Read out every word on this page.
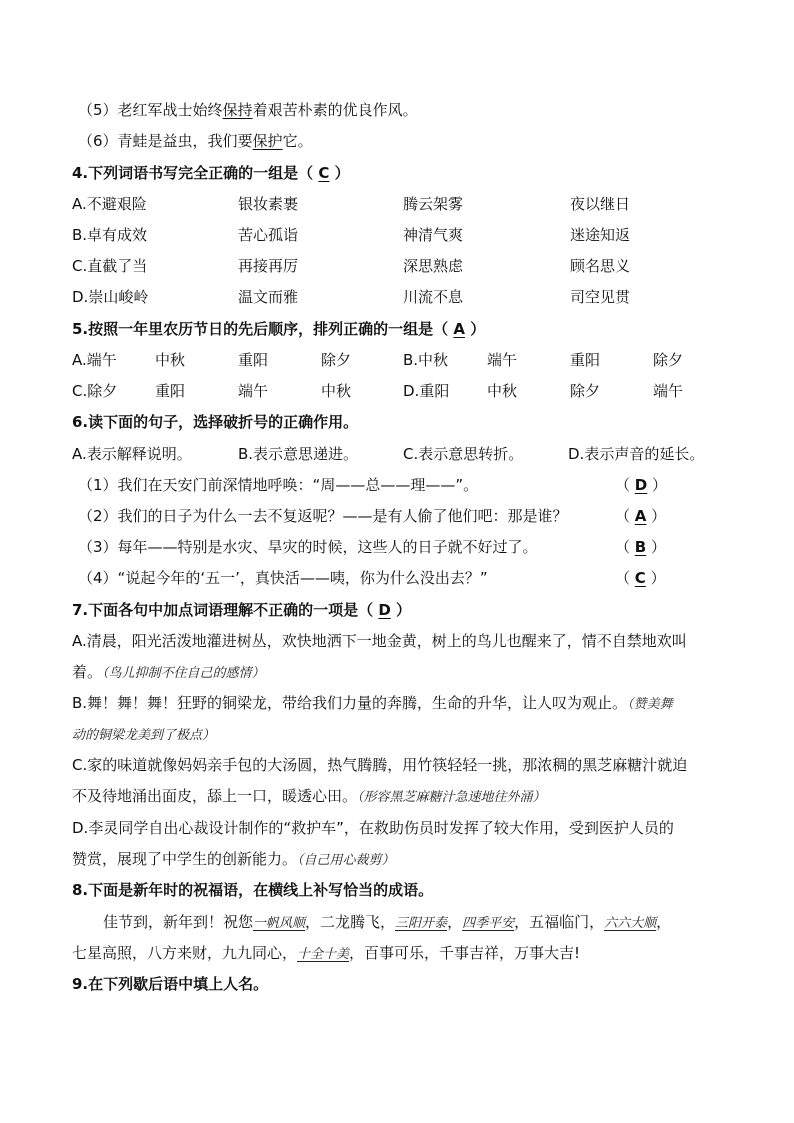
（5）老红军战士始终保持着艰苦朴素的优良作风。
（6）青蛙是益虫，我们要保护它。
4.下列词语书写完全正确的一组是（ C ）
A.不避艰险	银妆素裹	腾云架雾	夜以继日
B.卓有成效	苦心孤诣	神清气爽	迷途知返
C.直截了当	再接再厉	深思熟虑	顾名思义
D.崇山峻岭	温文而雅	川流不息	司空见贯
5.按照一年里农历节日的先后顺序，排列正确的一组是（ A ）
A.端午	中秋	重阳	除夕	B.中秋	端午	重阳	除夕
C.除夕	重阳	端午	中秋	D.重阳	中秋	除夕	端午
6.读下面的句子，选择破折号的正确作用。
A.表示解释说明。	B.表示意思递进。	C.表示意思转折。	D.表示声音的延长。
（1）我们在天安门前深情地呼唤：“周——总——理——”。	（ D ）
（2）我们的日子为什么一去不复返呢？——是有人偷了他们吧：那是谁？	（ A ）
（3）每年——特别是水灾、旱灾的时候，这些人的日子就不好过了。	（ B ）
（4）“说起今年的‘五一’，真快活——咦，你为什么没出去？”	（ C ）
7.下面各句中加点词语理解不正确的一项是（ D ）
A.清晨，阳光活泼地灌进树丛，欢快地洒下一地金黄，树上的鸟儿也醒来了，情不自禁地欢叫
着。（鸟儿抑制不住自己的感情）
B.舞！舞！舞！狂野的铜梁龙，带给我们力量的奔腾，生命的升华，让人叹为观止。（赞美舞
动的铜梁龙美到了极点）
C.家的味道就像妈妈亲手包的大汤圆，热气腾腾，用竹筷轻轻一挑，那浓稠的黑芝麻糖汁就迫
不及待地涌出面皮，舔上一口，暖透心田。（形容黑芝麻糖汁急速地往外涌）
D.李灵同学自出心裁设计制作的“救护车”，在救助伤员时发挥了较大作用，受到医护人员的
赞赏，展现了中学生的创新能力。（自己用心裁剪）
8.下面是新年时的祝福语，在横线上补写恰当的成语。
佳节到，新年到！祝您一帆风顺，二龙腾飞，三阳开泰，四季平安，五福临门，六六大顺，
七星高照，八方来财，九九同心，十全十美，百事可乐，千事吉祥，万事大吉!
9.在下列歇后语中填上人名。
